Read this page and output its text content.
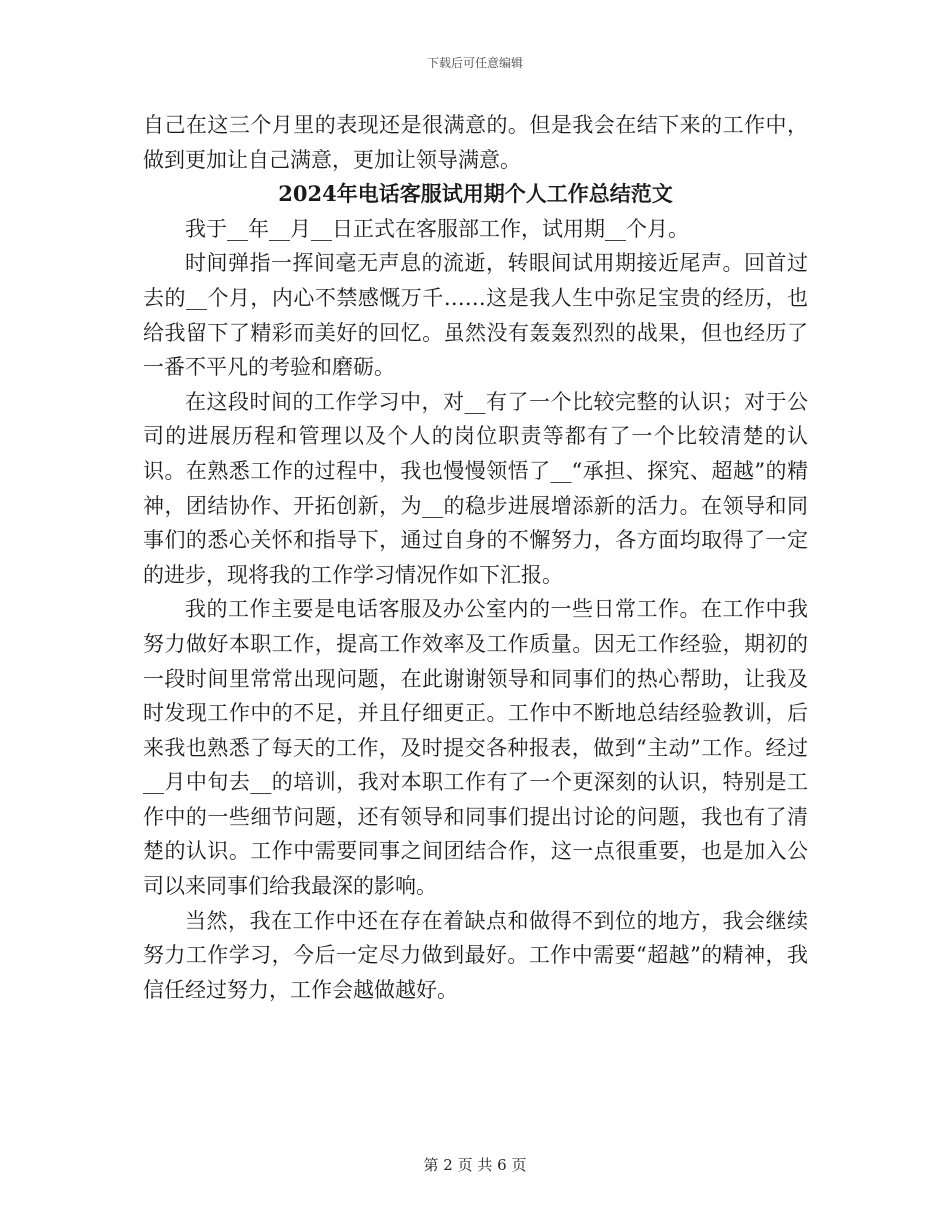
下载后可任意编辑

自己在这三个月里的表现还是很满意的。但是我会在结下来的工作中，做到更加让自己满意，更加让领导满意。

2024年电话客服试用期个人工作总结范文

我于__年__月__日正式在客服部工作，试用期__个月。

时间弹指一挥间毫无声息的流逝，转眼间试用期接近尾声。回首过去的__个月，内心不禁感慨万千……这是我人生中弥足宝贵的经历，也给我留下了精彩而美好的回忆。虽然没有轰轰烈烈的战果，但也经历了一番不平凡的考验和磨砺。

在这段时间的工作学习中，对__有了一个比较完整的认识；对于公司的进展历程和管理以及个人的岗位职责等都有了一个比较清楚的认识。在熟悉工作的过程中，我也慢慢领悟了__“承担、探究、超越”的精神，团结协作、开拓创新，为__的稳步进展增添新的活力。在领导和同事们的悉心关怀和指导下，通过自身的不懈努力，各方面均取得了一定的进步，现将我的工作学习情况作如下汇报。

我的工作主要是电话客服及办公室内的一些日常工作。在工作中我努力做好本职工作，提高工作效率及工作质量。因无工作经验，期初的一段时间里常常出现问题，在此谢谢领导和同事们的热心帮助，让我及时发现工作中的不足，并且仔细更正。工作中不断地总结经验教训，后来我也熟悉了每天的工作，及时提交各种报表，做到“主动”工作。经过__月中旬去__的培训，我对本职工作有了一个更深刻的认识，特别是工作中的一些细节问题，还有领导和同事们提出讨论的问题，我也有了清楚的认识。工作中需要同事之间团结合作，这一点很重要，也是加入公司以来同事们给我最深的影响。

当然，我在工作中还在存在着缺点和做得不到位的地方，我会继续努力工作学习，今后一定尽力做到最好。工作中需要“超越”的精神，我信任经过努力，工作会越做越好。

第 2 页 共 6 页
